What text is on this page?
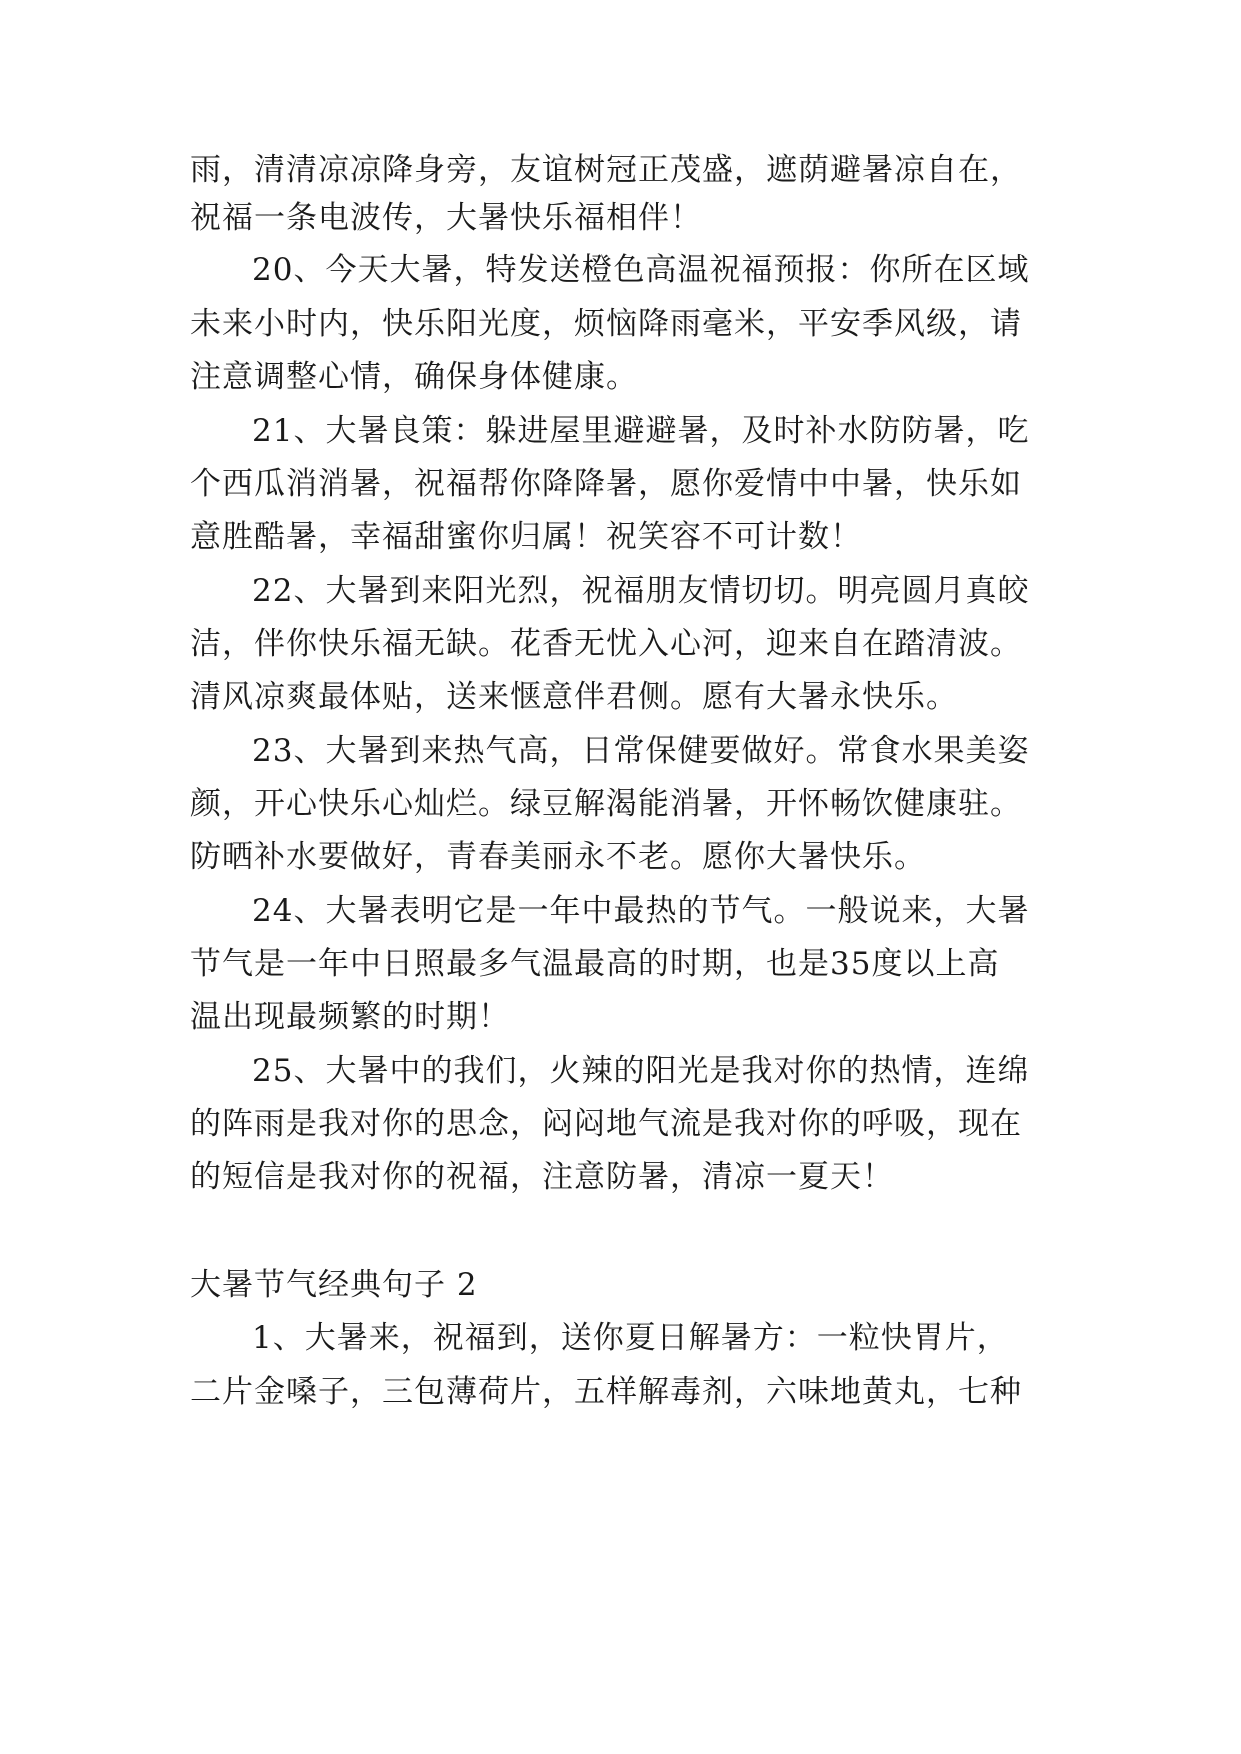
雨，清清凉凉降身旁，友谊树冠正茂盛，遮荫避暑凉自在，
祝福一条电波传，大暑快乐福相伴！
20、今天大暑，特发送橙色高温祝福预报：你所在区域
未来小时内，快乐阳光度，烦恼降雨毫米，平安季风级，请
注意调整心情，确保身体健康。
21、大暑良策：躲进屋里避避暑，及时补水防防暑，吃
个西瓜消消暑，祝福帮你降降暑，愿你爱情中中暑，快乐如
意胜酷暑，幸福甜蜜你归属！祝笑容不可计数！
22、大暑到来阳光烈，祝福朋友情切切。明亮圆月真皎
洁，伴你快乐福无缺。花香无忧入心河，迎来自在踏清波。
清风凉爽最体贴，送来惬意伴君侧。愿有大暑永快乐。
23、大暑到来热气高，日常保健要做好。常食水果美姿
颜，开心快乐心灿烂。绿豆解渴能消暑，开怀畅饮健康驻。
防晒补水要做好，青春美丽永不老。愿你大暑快乐。
24、大暑表明它是一年中最热的节气。一般说来，大暑
节气是一年中日照最多气温最高的时期，也是35度以上高
温出现最频繁的时期！
25、大暑中的我们，火辣的阳光是我对你的热情，连绵
的阵雨是我对你的思念，闷闷地气流是我对你的呼吸，现在
的短信是我对你的祝福，注意防暑，清凉一夏天！
大暑节气经典句子 2
1、大暑来，祝福到，送你夏日解暑方：一粒快胃片，
二片金嗓子，三包薄荷片，五样解毒剂，六味地黄丸，七种
